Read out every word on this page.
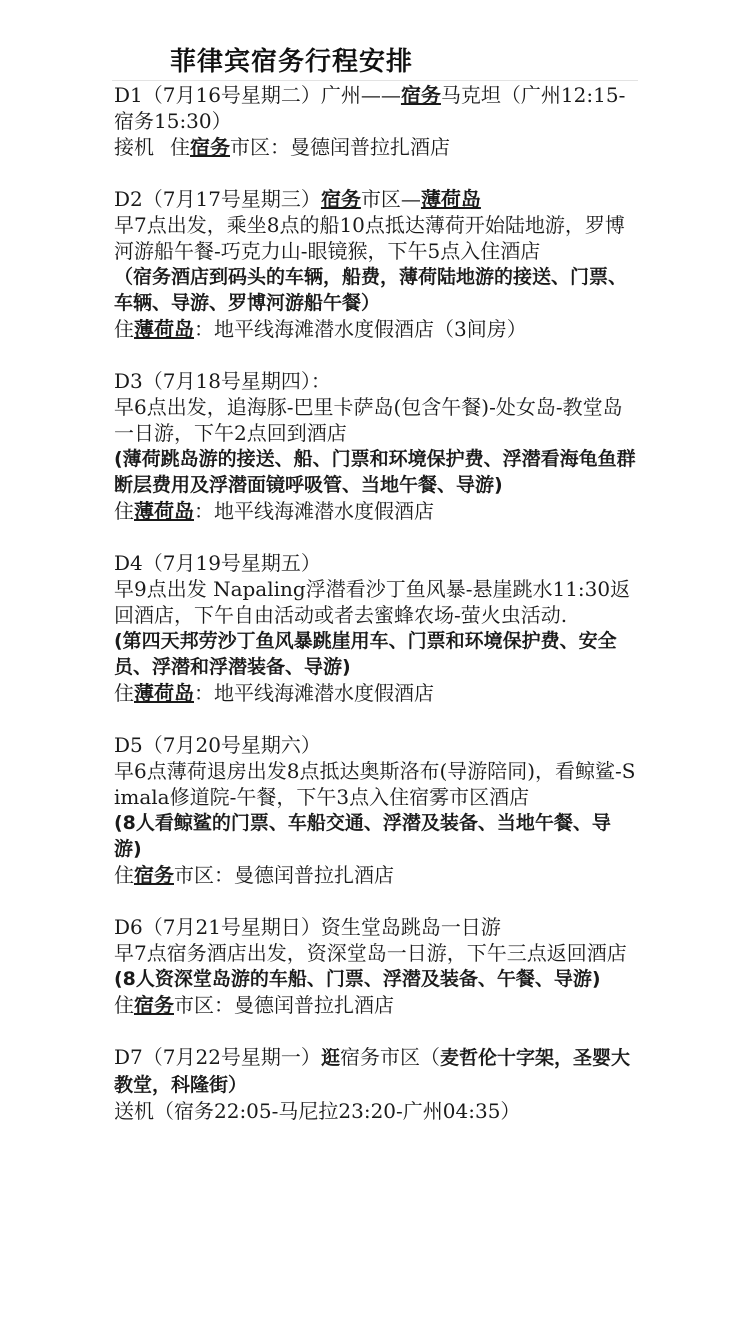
菲律宾宿务行程安排
D1（7月16号星期二）广州——宿务马克坦（广州12:15-宿务15:30）
接机 住宿务市区：曼德闰普拉扎酒店
D2（7月17号星期三）宿务市区—薄荷岛
早7点出发，乘坐8点的船10点抵达薄荷开始陆地游，罗博河游船午餐-巧克力山-眼镜猴，下午5点入住酒店
（宿务酒店到码头的车辆，船费，薄荷陆地游的接送、门票、车辆、导游、罗博河游船午餐）
住薄荷岛：地平线海滩潜水度假酒店（3间房）
D3（7月18号星期四）：
早6点出发，追海豚-巴里卡萨岛(包含午餐)-处女岛-教堂岛一日游，下午2点回到酒店
(薄荷跳岛游的接送、船、门票和环境保护费、浮潜看海龟鱼群断层费用及浮潜面镜呼吸管、当地午餐、导游)
住薄荷岛：地平线海滩潜水度假酒店
D4（7月19号星期五）
早9点出发 Napaling浮潜看沙丁鱼风暴-悬崖跳水11:30返回酒店，下午自由活动或者去蜜蜂农场-萤火虫活动.
(第四天邦劳沙丁鱼风暴跳崖用车、门票和环境保护费、安全员、浮潜和浮潜装备、导游)
住薄荷岛：地平线海滩潜水度假酒店
D5（7月20号星期六）
早6点薄荷退房出发8点抵达奥斯洛布(导游陪同)，看鲸鲨-Simala修道院-午餐，下午3点入住宿雾市区酒店
(8人看鲸鲨的门票、车船交通、浮潜及装备、当地午餐、导游)
住宿务市区：曼德闰普拉扎酒店
D6（7月21号星期日）资生堂岛跳岛一日游
早7点宿务酒店出发，资深堂岛一日游，下午三点返回酒店
(8人资深堂岛游的车船、门票、浮潜及装备、午餐、导游)
住宿务市区：曼德闰普拉扎酒店
D7（7月22号星期一）逛宿务市区（麦哲伦十字架，圣婴大教堂，科隆街）
送机（宿务22:05-马尼拉23:20-广州04:35）
